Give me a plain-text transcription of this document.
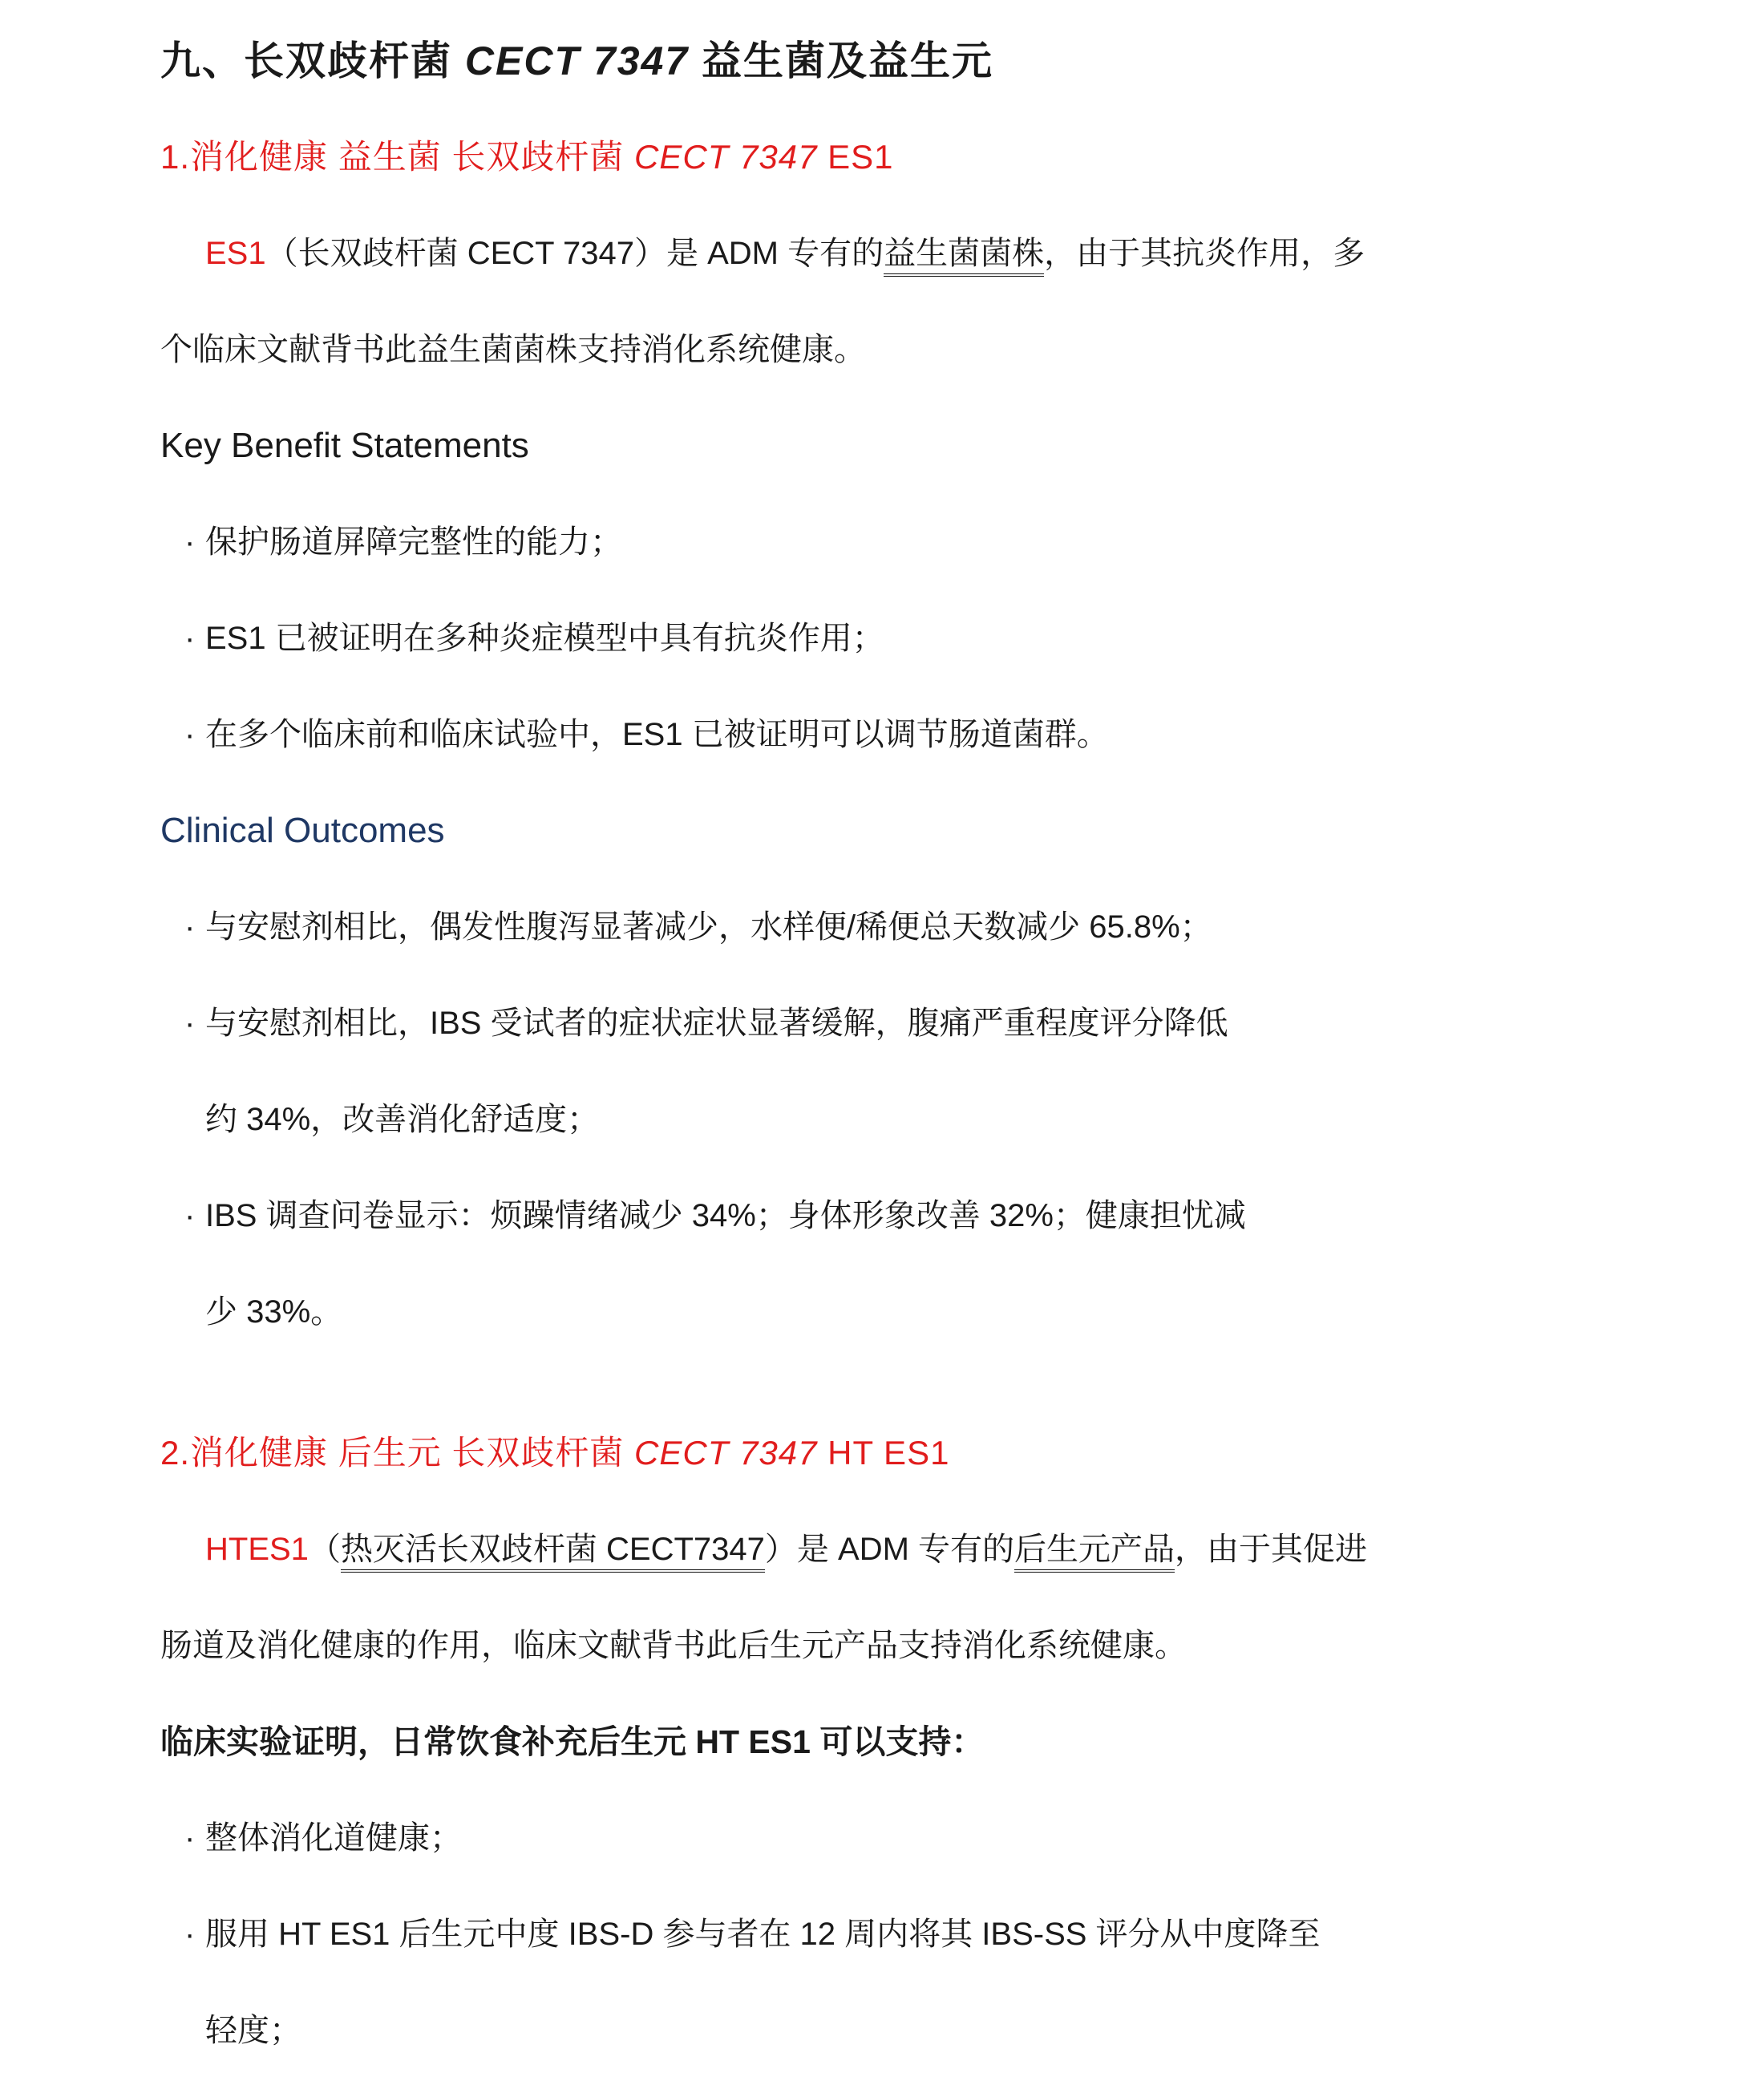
九、长双歧杆菌 CECT 7347 益生菌及益生元
1.消化健康 益生菌 长双歧杆菌 CECT 7347 ES1
ES1（长双歧杆菌 CECT 7347）是 ADM 专有的益生菌菌株，由于其抗炎作用，多
个临床文献背书此益生菌菌株支持消化系统健康。
Key Benefit Statements
· 保护肠道屏障完整性的能力；
· ES1 已被证明在多种炎症模型中具有抗炎作用；
· 在多个临床前和临床试验中，ES1 已被证明可以调节肠道菌群。
Clinical Outcomes
· 与安慰剂相比，偶发性腹泻显著减少，水样便/稀便总天数减少 65.8%；
· 与安慰剂相比，IBS 受试者的症状症状显著缓解，腹痛严重程度评分降低
约 34%，改善消化舒适度；
· IBS 调查问卷显示：烦躁情绪减少 34%；身体形象改善 32%；健康担忧减
少 33%。
2.消化健康 后生元 长双歧杆菌 CECT 7347 HT ES1
HTES1（热灭活长双歧杆菌 CECT7347）是 ADM 专有的后生元产品，由于其促进
肠道及消化健康的作用，临床文献背书此后生元产品支持消化系统健康。
临床实验证明，日常饮食补充后生元 HT ES1 可以支持：
· 整体消化道健康；
· 服用 HT ES1 后生元中度 IBS-D 参与者在 12 周内将其 IBS-SS 评分从中度降至
轻度；
